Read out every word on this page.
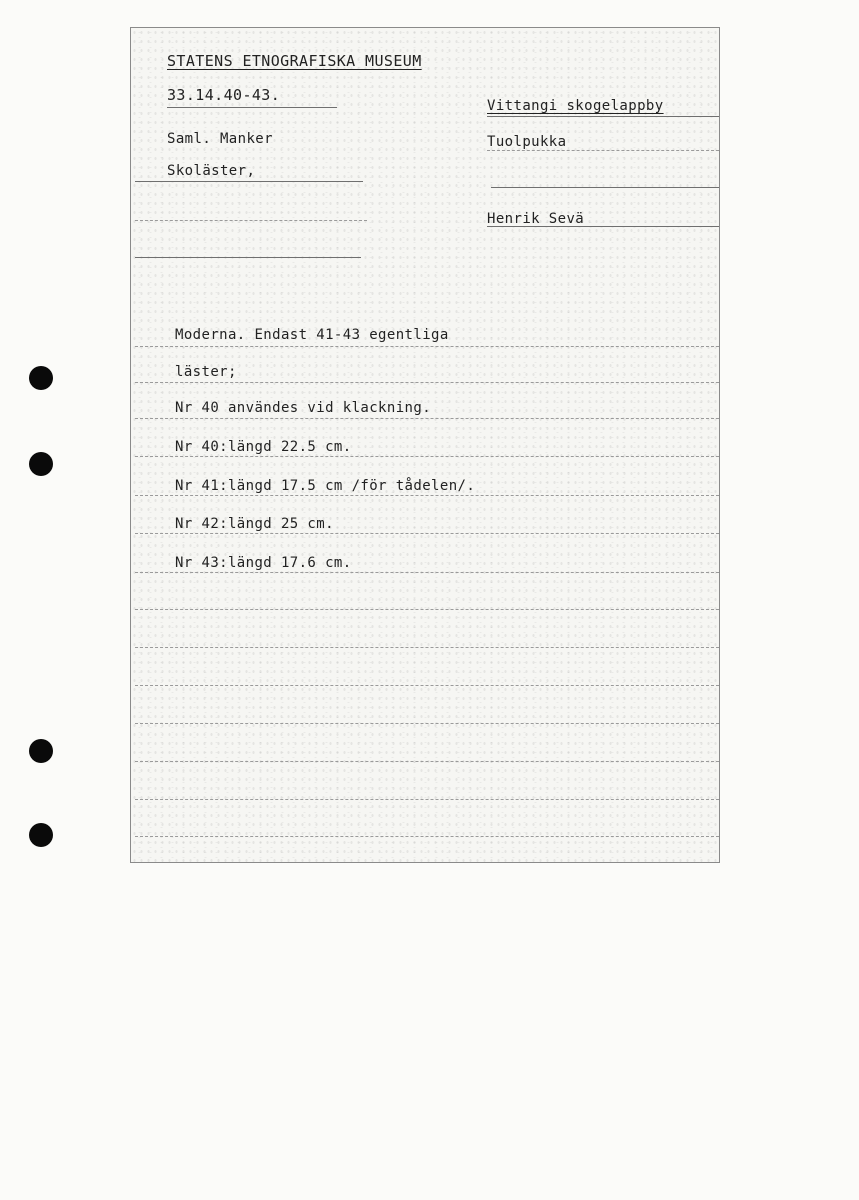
STATENS ETNOGRAFISKA MUSEUM
33.14.40-43.
Saml. Manker
Skoläster,
Vittangi skogelappby
Tuolpukka
Henrik Sevä
Moderna. Endast 41-43 egentliga
läster;
Nr 40 användes vid klackning.
Nr 40:längd 22.5 cm.
Nr 41:längd 17.5 cm /för tådelen/.
Nr 42:längd 25 cm.
Nr 43:längd 17.6 cm.
